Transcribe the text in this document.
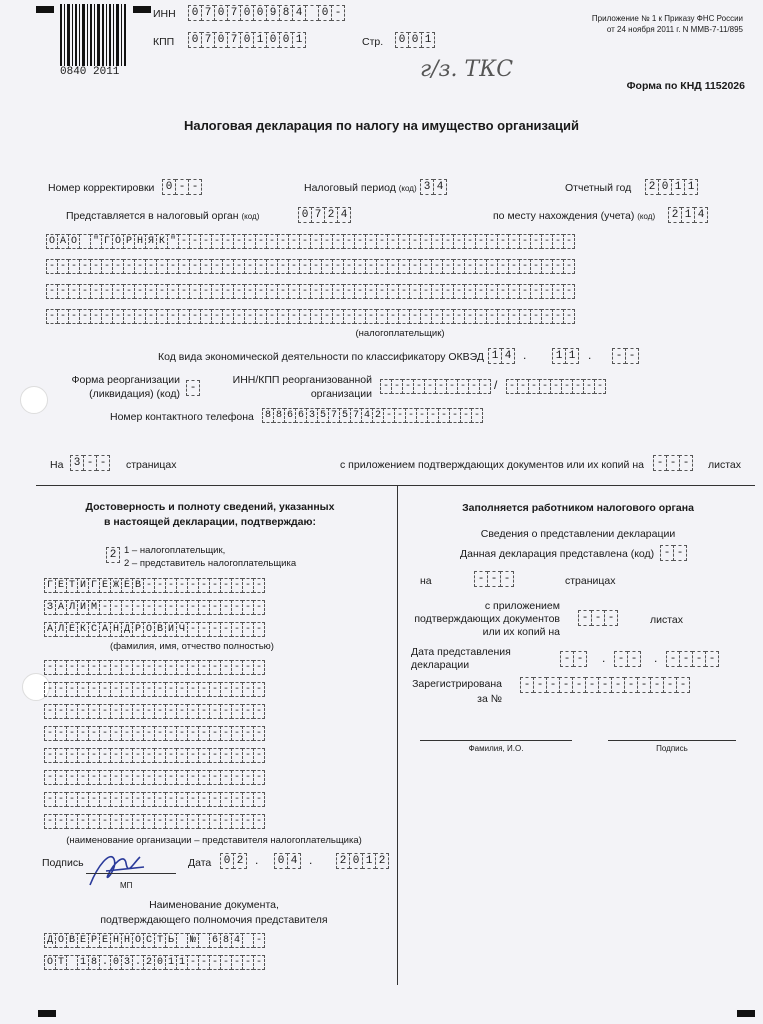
0840 2011
ИНН	0 7 0 7 0 0 9 8 4	0 -
КПП	0 7 0 7 0 1 0 0 1	Стр.	0 0 1
Приложение № 1 к Приказу ФНС России
от 24 ноября 2011 г. N ММВ-7-11/895
г/з. ТКС
Форма по КНД 1152026
Налоговая декларация по налогу на имущество организаций
Номер корректировки	0 - -	Налоговый период (код) 3 4	Отчетный год	2 0 1 1
Представляется в налоговый орган (код)	0 7 2 4	по месту нахождения (учета) (код)	2 1 4
О А О	" Г О Р Н Я К " - - - - - - - - - - - - - - - - - - - - - - - - - - - - - - - - - - - -
- - - - - - - - - - - - - - - - - - - - - - - - - - - - - - - - - - - - - - - - - - - - - - - -
- - - - - - - - - - - - - - - - - - - - - - - - - - - - - - - - - - - - - - - - - - - - - - - -
- - - - - - - - - - - - - - - - - - - - - - - - - - - - - - - - - - - - - - - - - - - - - - - -
(налогоплательщик)
Код вида экономической деятельности по классификатору ОКВЭД 1 4 .	1 1	.	- -
Форма реорганизации
(ликвидация) (код) -
ИНН/КПП реорганизованной
организации
- - - - - - - - - - / - - - - - - - - -
Номер контактного телефона 8 8 6 6 3 5 7 5 7 4 2 - - - - - - - - -
На 3 - -	страницах	с приложением подтверждающих документов или их копий на	- - -	листах
Достоверность и полноту сведений, указанных
в настоящей декларации, подтверждаю:
2 1 – налогоплательщик,
2 – представитель налогоплательщика
Г Е Т И Г Е Ж Е В - - - - - - - - - - -
З А Л И М - - - - - - - - - - - - - - -
А Л Е К С А Н Д Р О В И Ч - - - - - - -
(фамилия, имя, отчество полностью)
- - - - - - - - - - - - - - - - - - - -
- - - - - - - - - - - - - - - - - - - -
- - - - - - - - - - - - - - - - - - - -
- - - - - - - - - - - - - - - - - - - -
- - - - - - - - - - - - - - - - - - - -
- - - - - - - - - - - - - - - - - - - -
- - - - - - - - - - - - - - - - - - - -
- - - - - - - - - - - - - - - - - - - -
(наименование организации – представителя налогоплательщика)
Подпись
МП
Дата	0 2 .	0 4 .	2 0 1 2
Наименование документа,
подтверждающего полномочия представителя
Д О В Е Р Е Н Н О С Т Ь	№	6 8 4	-
О Т	1 8 . 0 3 . 2 0 1 1 - - - - - - -
Заполняется работником налогового органа
Сведения о представлении декларации
Данная декларация представлена (код) - -
на	- - -	страницах
с приложением
подтверждающих документов
или их копий на
- - -	листах
Дата представления
декларации	- -	.	- -	.	- - - -
Зарегистрирована
за №
- - - - - - - - - - - - -
Фамилия, И.О.	Подпись
